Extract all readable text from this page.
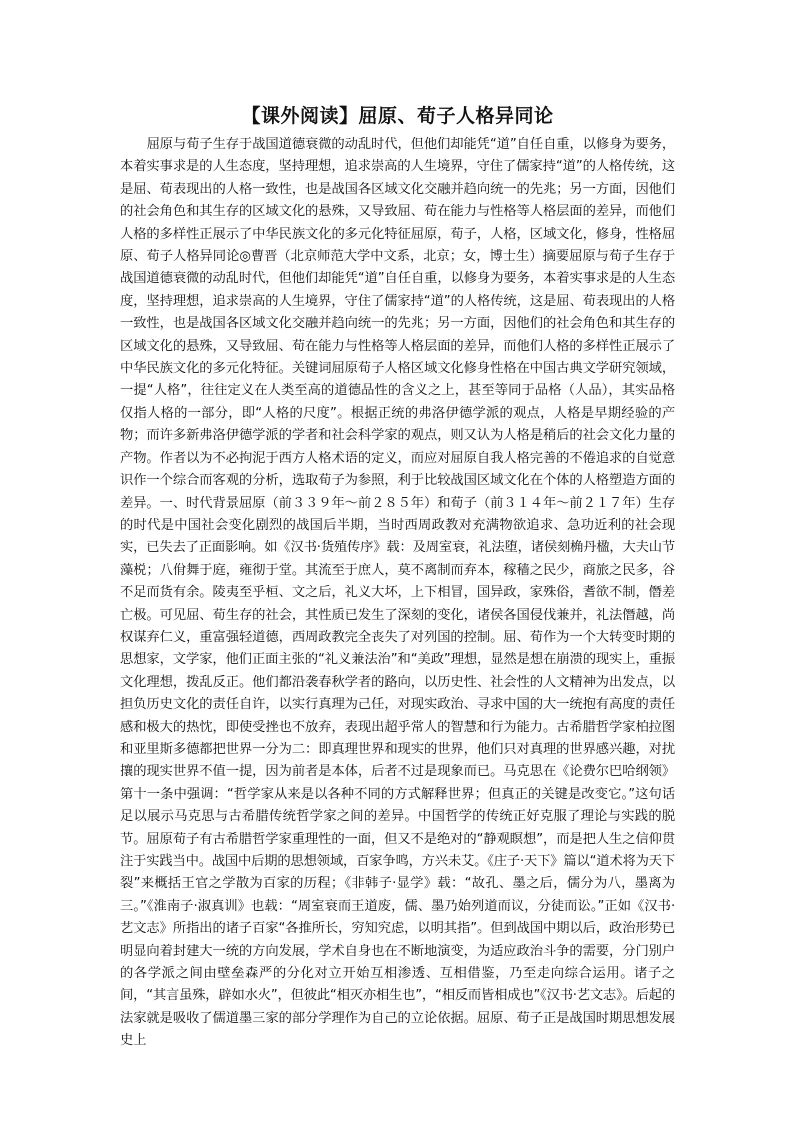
【课外阅读】屈原、荀子人格异同论

屈原与荀子生存于战国道德衰微的动乱时代，但他们却能凭“道”自任自重，以修身为要务，本着实事求是的人生态度，坚持理想，追求崇高的人生境界，守住了儒家持“道”的人格传统，这是屈、荀表现出的人格一致性，也是战国各区域文化交融并趋向统一的先兆；另一方面，因他们的社会角色和其生存的区域文化的悬殊，又导致屈、荀在能力与性格等人格层面的差异，而他们人格的多样性正展示了中华民族文化的多元化特征屈原，荀子，人格，区域文化，修身，性格屈原、荀子人格异同论◎曹晋（北京师范大学中文系，北京；女，博士生）摘要屈原与荀子生存于战国道德衰微的动乱时代，但他们却能凭“道”自任自重，以修身为要务，本着实事求是的人生态度，坚持理想，追求崇高的人生境界，守住了儒家持“道”的人格传统，这是屈、荀表现出的人格一致性，也是战国各区域文化交融并趋向统一的先兆；另一方面，因他们的社会角色和其生存的区域文化的悬殊，又导致屈、荀在能力与性格等人格层面的差异，而他们人格的多样性正展示了中华民族文化的多元化特征。关键词屈原荀子人格区域文化修身性格在中国古典文学研究领域，一提“人格”，往往定义在人类至高的道德品性的含义之上，甚至等同于品格（人品），其实品格仅指人格的一部分，即“人格的尺度”。根据正统的弗洛伊德学派的观点，人格是早期经验的产物；而许多新弗洛伊德学派的学者和社会科学家的观点，则又认为人格是稍后的社会文化力量的产物。作者以为不必拘泥于西方人格术语的定义，而应对屈原自我人格完善的不倦追求的自觉意识作一个综合而客观的分析，选取荀子为参照，利于比较战国区域文化在个体的人格塑造方面的差异。一、时代背景屈原（前３３９年～前２８５年）和荀子（前３１４年～前２１７年）生存的时代是中国社会变化剧烈的战国后半期，当时西周政教对充满物欲追求、急功近利的社会现实，已失去了正面影响。如《汉书·货殖传序》载：及周室衰，礼法堕，诸侯刻桷丹楹，大夫山节藻棁；八佾舞于庭，雍彻于堂。其流至于庶人，莫不离制而弃本，稼穑之民少，商旅之民多，谷不足而货有余。陵夷至乎桓、文之后，礼义大坏，上下相冒，国异政，家殊俗，耆欲不制，僭差亡极。可见屈、荀生存的社会，其性质已发生了深刻的变化，诸侯各国侵伐兼并，礼法僭越，尚权谋弃仁义，重富强轻道德，西周政教完全丧失了对列国的控制。屈、荀作为一个大转变时期的思想家，文学家，他们正面主张的“礼义兼法治”和“美政”理想，显然是想在崩溃的现实上，重振文化理想，拨乱反正。他们都沿袭春秋学者的路向，以历史性、社会性的人文精神为出发点，以担负历史文化的责任自许，以实行真理为己任，对现实政治、寻求中国的大一统抱有高度的责任感和极大的热忱，即使受挫也不放弃，表现出超乎常人的智慧和行为能力。古希腊哲学家柏拉图和亚里斯多德都把世界一分为二：即真理世界和现实的世界，他们只对真理的世界感兴趣，对扰攘的现实世界不值一提，因为前者是本体，后者不过是现象而已。马克思在《论费尔巴哈纲领》第十一条中强调：“哲学家从来是以各种不同的方式解释世界；但真正的关键是改变它。”这句话足以展示马克思与古希腊传统哲学家之间的差异。中国哲学的传统正好克服了理论与实践的脱节。屈原荀子有古希腊哲学家重理性的一面，但又不是绝对的“静观瞑想”，而是把人生之信仰贯注于实践当中。战国中后期的思想领域，百家争鸣，方兴未艾。《庄子·天下》篇以“道术将为天下裂”来概括王官之学散为百家的历程；《非韩子·显学》载：“故孔、墨之后，儒分为八，墨离为三。”《淮南子·淑真训》也载：“周室衰而王道废，儒、墨乃始列道而议，分徒而讼。”正如《汉书·艺文志》所指出的诸子百家“各推所长，穷知究虑，以明其指”。但到战国中期以后，政治形势已明显向着封建大一统的方向发展，学术自身也在不断地演变，为适应政治斗争的需要，分门别户的各学派之间由壁垒森严的分化对立开始互相渗透、互相借鉴，乃至走向综合运用。诸子之间，“其言虽殊，辟如水火”，但彼此“相灭亦相生也”，“相反而皆相成也”《汉书·艺文志》。后起的法家就是吸收了儒道墨三家的部分学理作为自己的立论依据。屈原、荀子正是战国时期思想发展史上
